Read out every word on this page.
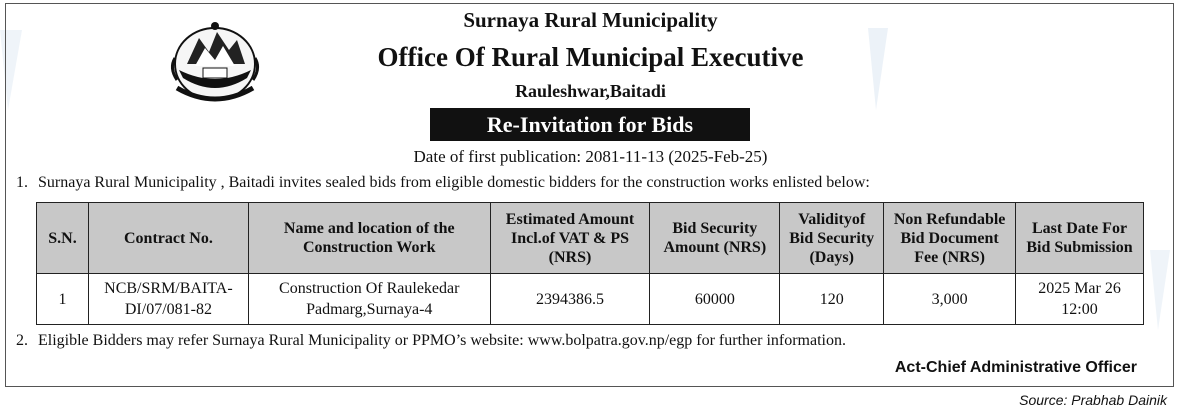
Surnaya Rural Municipality
Office Of Rural Municipal Executive
Rauleshwar,Baitadi
Re-Invitation for Bids
Date of first publication: 2081-11-13 (2025-Feb-25)
1. Surnaya Rural Municipality , Baitadi invites sealed bids from eligible domestic bidders for the construction works enlisted below:
S.N.	Contract No.	Name and location of the Construction Work	Estimated Amount Incl.of VAT & PS (NRS)	Bid Security Amount (NRS)	Validityof Bid Security (Days)	Non Refundable Bid Document Fee (NRS)	Last Date For Bid Submission
1	NCB/SRM/BAITA-DI/07/081-82	Construction Of Raulekedar Padmarg,Surnaya-4	2394386.5	60000	120	3,000	2025 Mar 26 12:00
2. Eligible Bidders may refer Surnaya Rural Municipality or PPMO’s website: www.bolpatra.gov.np/egp for further information.
Act-Chief Administrative Officer
Source: Prabhab Dainik
